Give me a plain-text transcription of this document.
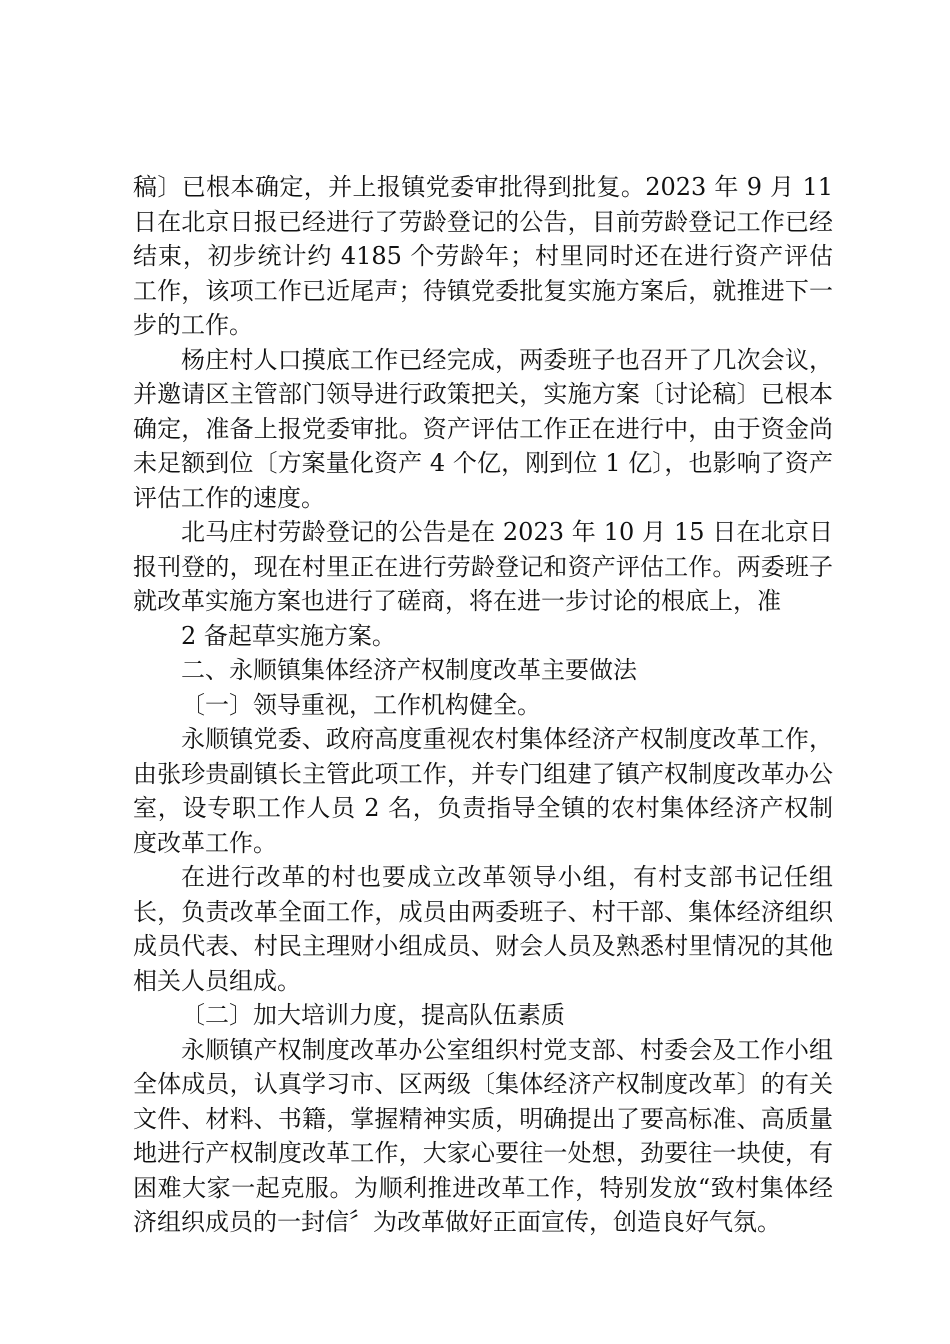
稿〕已根本确定，并上报镇党委审批得到批复。2023 年 9 月 11 日在北京日报已经进行了劳龄登记的公告，目前劳龄登记工作已经结束，初步统计约 4185 个劳龄年；村里同时还在进行资产评估工作，该项工作已近尾声；待镇党委批复实施方案后，就推进下一步的工作。

杨庄村人口摸底工作已经完成，两委班子也召开了几次会议，并邀请区主管部门领导进行政策把关，实施方案〔讨论稿〕已根本确定，准备上报党委审批。资产评估工作正在进行中，由于资金尚未足额到位〔方案量化资产 4 个亿，刚到位 1 亿〕，也影响了资产评估工作的速度。

北马庄村劳龄登记的公告是在 2023 年 10 月 15 日在北京日报刊登的，现在村里正在进行劳龄登记和资产评估工作。两委班子就改革实施方案也进行了磋商，将在进一步讨论的根底上，准

2 备起草实施方案。

二、永顺镇集体经济产权制度改革主要做法

〔一〕领导重视，工作机构健全。

永顺镇党委、政府高度重视农村集体经济产权制度改革工作，由张珍贵副镇长主管此项工作，并专门组建了镇产权制度改革办公室，设专职工作人员 2 名，负责指导全镇的农村集体经济产权制度改革工作。

在进行改革的村也要成立改革领导小组，有村支部书记任组长，负责改革全面工作，成员由两委班子、村干部、集体经济组织成员代表、村民主理财小组成员、财会人员及熟悉村里情况的其他相关人员组成。

〔二〕加大培训力度，提高队伍素质

永顺镇产权制度改革办公室组织村党支部、村委会及工作小组全体成员，认真学习市、区两级〔集体经济产权制度改革〕的有关文件、材料、书籍，掌握精神实质，明确提出了要高标准、高质量地进行产权制度改革工作，大家心要往一处想，劲要往一块使，有困难大家一起克服。为顺利推进改革工作，特别发放“致村集体经济组织成员的一封信〞为改革做好正面宣传，创造良好气氛。
